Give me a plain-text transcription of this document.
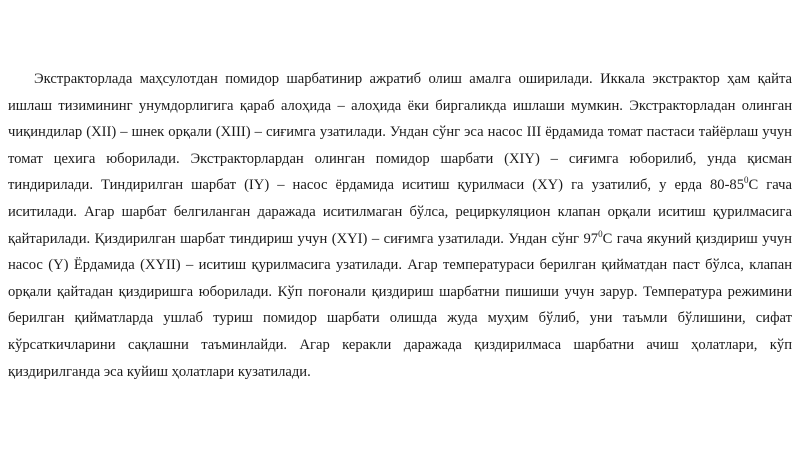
Экстракторлада маҳсулотдан помидор шарбатинир ажратиб олиш амалга оширилади. Иккала экстрактор ҳам қайта ишлаш тизимининг унумдорлигига қараб алоҳида – алоҳида ёки биргаликда ишлаши мумкин. Экстракторладан олинган чиқиндилар (XII) – шнек орқали (XIII) – сиғимга узатилади. Ундан сўнг эса насос III ёрдамида томат пастаси тайёрлаш учун томат цехига юборилади. Экстракторлардан олинган помидор шарбати (XIY) – сиғимга юборилиб, унда қисман тиндирилади. Тиндирилган шарбат (IY) – насос ёрдамида иситиш қурилмаси (XY) га узатилиб, у ерда $80-85^0С$ гача иситилади. Агар шарбат белгиланган даражада иситилмаган бўлса, рециркуляцион клапан орқали иситиш қурилмасига қайтарилади. Қиздирилган шарбат тиндириш учун (XYI) – сиғимга узатилади. Ундан сўнг $97^0С$ гача якуний қиздириш учун насос (Y) Ёрдамида (XYII) – иситиш қурилмасига узатилади. Агар температураси берилган қийматдан паст бўлса, клапан орқали қайтадан қиздиришга юборилади. Кўп поғонали қиздириш шарбатни пишиши учун зарур. Температура режимини берилган қийматларда ушлаб туриш помидор шарбати олишда жуда муҳим бўлиб, уни таъмли бўлишини, сифат кўрсаткичларини сақлашни таъминлайди. Агар керакли даражада қиздирилмаса шарбатни ачиш ҳолатлари, кўп қиздирилганда эса куйиш ҳолатлари кузатилади.
